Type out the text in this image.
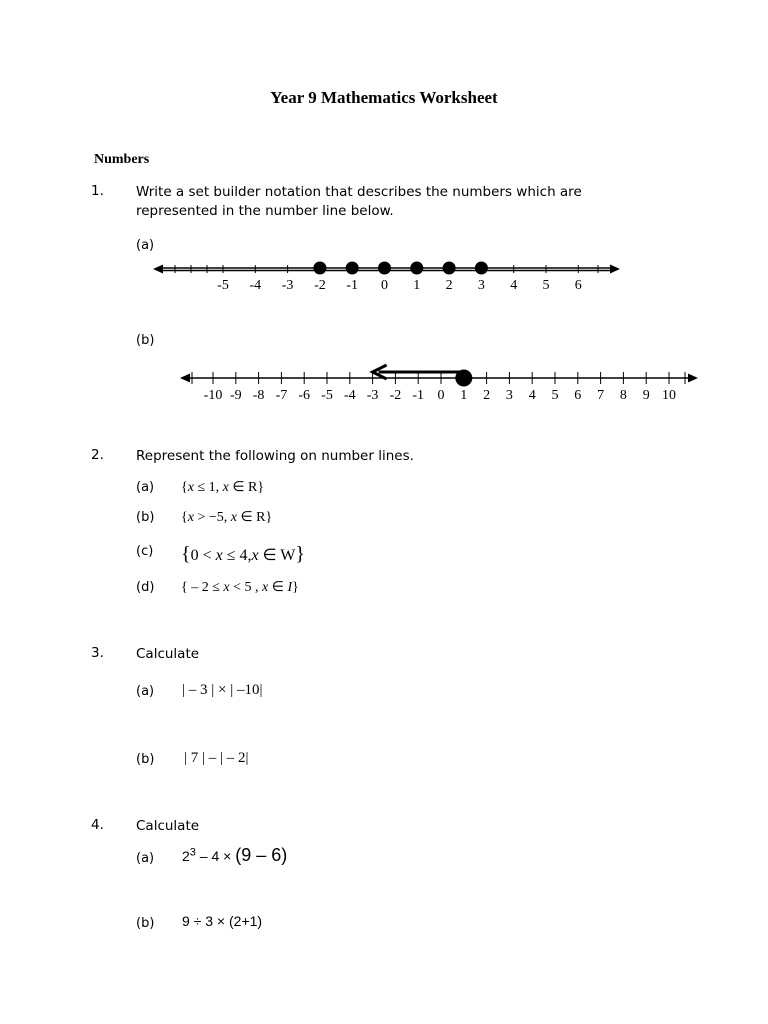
Year 9 Mathematics Worksheet
Numbers
1. Write a set builder notation that describes the numbers which are
represented in the number line below.
(a)
-5 -4 -3 -2 -1 0 1 2 3 4 5 6
(b)
-10 -9 -8 -7 -6 -5 -4 -3 -2 -1 0 1 2 3 4 5 6 7 8 9 10
2. Represent the following on number lines.
(a) {x ≤ 1, x ∈ R}
(b) {x > −5, x ∈ R}
(c) {0 < x ≤ 4,x ∈ W}
(d) { – 2 ≤ x < 5 , x ∈ I}
3. Calculate
(a) | – 3 | × | –10|
(b) | 7 | – | – 2|
4. Calculate
(a) $2^3 - 4 \times (9 - 6)$
(b) 9 ÷ 3 × (2+1)
